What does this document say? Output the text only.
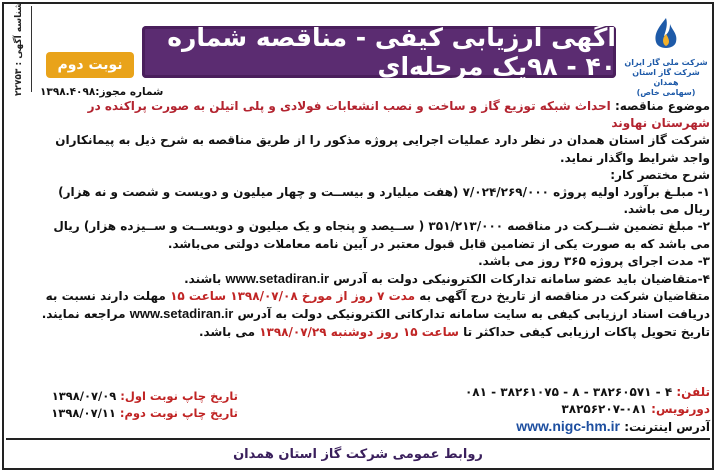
شناسه آگهی : ۲۲۷۵۳	نوبت دوم
آگهی ارزیابی کیفی - مناقصه شماره ۴۰ - ۹۸یک مرحله‌ای شرکت ملی گاز ایران
شرکت گاز استان همدان
(سهامی خاص)
شماره مجوز:۱۳۹۸.۴۰۹۸

موضوع مناقصه: احداث شبکه توزیع گاز و ساخت و نصب انشعابات فولادی و پلی اتیلن به صورت پراکنده در شهرستان نهاوند

شرکت گاز استان همدان در نظر دارد عملیات اجرایی پروژه مذکور را از طریق مناقصه به شرح ذیل به پیمانکاران واجد شرایط واگذار نماید.

شرح مختصر کار:

۱- مبلـغ برآورد اولیه پروژه ۷/۰۲۴/۲۶۹/۰۰۰ (هفت میلیارد و بیســت و چهار میلیون و دویست و شصت و نه هزار) ریال می باشد.

۲- مبلغ تضمین شــرکت در مناقصه ۳۵۱/۲۱۳/۰۰۰ ( ســیصد و پنجاه و یک میلیون و دویســت و ســیزده هزار) ریال می باشد که به صورت یکی از تضامین قابل قبول معتبر در آیین نامه معاملات دولتی می‌باشد.

۳- مدت اجرای پروژه ۳۶۵ روز می باشد.

۴-متقاضیان باید عضو سامانه تدارکات الکترونیکی دولت به آدرس www.setadiran.ir باشند.

متقاضیان شرکت در مناقصه از تاریخ درج آگهی به مدت ۷ روز از مورخ ۱۳۹۸/۰۷/۰۸ ساعت ۱۵ مهلت دارند نسبت به دریافت اسناد ارزیابی کیفی به سایت سامانه تدارکاتی الکترونیکی دولت به آدرس www.setadiran.ir مراجعه نمایند.

تاریخ تحویل پاکات ارزیابی کیفی حداکثر تا ساعت ۱۵ روز دوشنبه ۱۳۹۸/۰۷/۲۹ می باشد.

تلفن: ۴ - ۳۸۲۶۰۵۷۱ - ۸ - ۳۸۲۶۱۰۷۵ - ۰۸۱
دورنویس: ۰۸۱-۳۸۲۵۶۲۰۷
آدرس اینترنت: www.nigc-hm.ir
تاریخ چاپ نوبت اول: ۱۳۹۸/۰۷/۰۹
تاریخ چاپ نوبت دوم: ۱۳۹۸/۰۷/۱۱
روابط عمومی شرکت گاز استان همدان
